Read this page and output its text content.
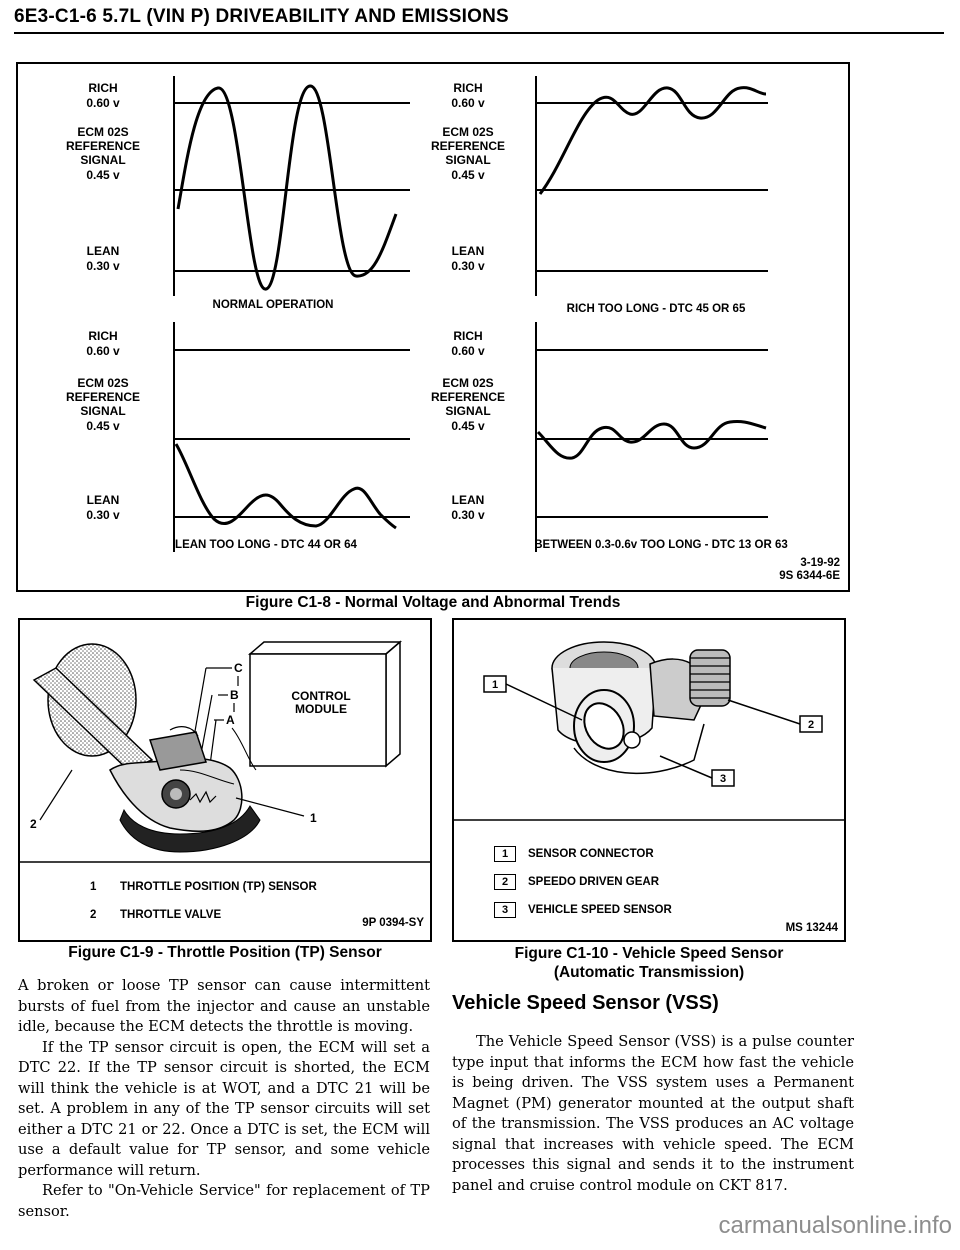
6E3-C1-6 5.7L (VIN P) DRIVEABILITY AND EMISSIONS
RICH
0.60 v
ECM 02S
REFERENCE
SIGNAL
0.45 v
LEAN
0.30 v
NORMAL OPERATION
RICH
0.60 v
ECM 02S
REFERENCE
SIGNAL
0.45 v
LEAN
0.30 v
RICH TOO LONG - DTC 45 OR 65
RICH
0.60 v
ECM 02S
REFERENCE
SIGNAL
0.45 v
LEAN
0.30 v
LEAN TOO LONG - DTC 44 OR 64
RICH
0.60 v
ECM 02S
REFERENCE
SIGNAL
0.45 v
LEAN
0.30 v
BETWEEN 0.3-0.6v TOO LONG - DTC 13 OR 63
3-19-92
9S 6344-6E
Figure C1-8 - Normal Voltage and Abnormal Trends
CONTROL
MODULE
C
B
A
2	1
1 THROTTLE POSITION (TP) SENSOR
2 THROTTLE VALVE
9P 0394-SY
Figure C1-9 - Throttle Position (TP) Sensor
1
2
3
1 SENSOR CONNECTOR
2 SPEEDO DRIVEN GEAR
3 VEHICLE SPEED SENSOR
MS 13244
Figure C1-10 - Vehicle Speed Sensor
(Automatic Transmission)

A broken or loose TP sensor can cause intermittent bursts of fuel from the injector and cause an unstable idle, because the ECM detects the throttle is moving.

If the TP sensor circuit is open, the ECM will set a DTC 22. If the TP sensor circuit is shorted, the ECM will think the vehicle is at WOT, and a DTC 21 will be set. A problem in any of the TP sensor circuits will set either a DTC 21 or 22. Once a DTC is set, the ECM will use a default value for TP sensor, and some vehicle performance will return.

Refer to "On-Vehicle Service" for replacement of TP sensor.

Vehicle Speed Sensor (VSS)

The Vehicle Speed Sensor (VSS) is a pulse counter type input that informs the ECM how fast the vehicle is being driven. The VSS system uses a Permanent Magnet (PM) generator mounted at the output shaft of the transmission. The VSS produces an AC voltage signal that increases with vehicle speed. The ECM processes this signal and sends it to the instrument panel and cruise control module on CKT 817.

carmanualsonline.info
